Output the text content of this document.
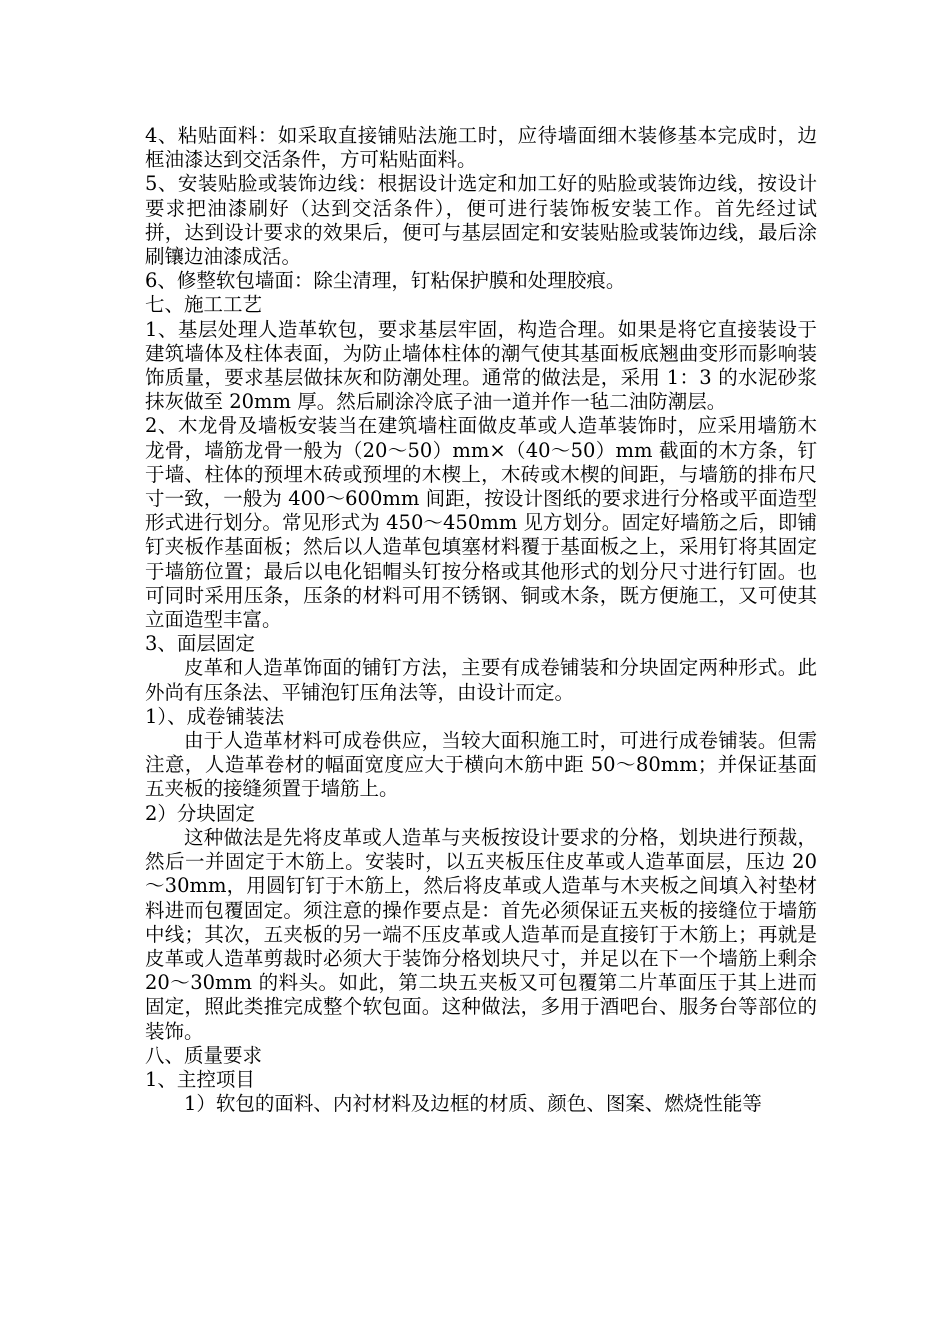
4、粘贴面料：如采取直接铺贴法施工时，应待墙面细木装修基本完成时，边框油漆达到交活条件，方可粘贴面料。

5、安装贴脸或装饰边线：根据设计选定和加工好的贴脸或装饰边线，按设计要求把油漆刷好（达到交活条件），便可进行装饰板安装工作。首先经过试拼，达到设计要求的效果后，便可与基层固定和安装贴脸或装饰边线，最后涂刷镶边油漆成活。

6、修整软包墙面：除尘清理，钉粘保护膜和处理胶痕。

七、施工工艺

1、基层处理人造革软包，要求基层牢固，构造合理。如果是将它直接装设于建筑墙体及柱体表面，为防止墙体柱体的潮气使其基面板底翘曲变形而影响装饰质量，要求基层做抹灰和防潮处理。通常的做法是，采用 1：3 的水泥砂浆抹灰做至 20mm 厚。然后刷涂冷底子油一道并作一毡二油防潮层。

2、木龙骨及墙板安装当在建筑墙柱面做皮革或人造革装饰时，应采用墙筋木龙骨，墙筋龙骨一般为（20～50）mm×（40～50）mm 截面的木方条，钉于墙、柱体的预埋木砖或预埋的木楔上，木砖或木楔的间距，与墙筋的排布尺寸一致，一般为 400～600mm 间距，按设计图纸的要求进行分格或平面造型形式进行划分。常见形式为 450～450mm 见方划分。固定好墙筋之后，即铺钉夹板作基面板；然后以人造革包填塞材料覆于基面板之上，采用钉将其固定于墙筋位置；最后以电化铝帽头钉按分格或其他形式的划分尺寸进行钉固。也可同时采用压条，压条的材料可用不锈钢、铜或木条，既方便施工，又可使其立面造型丰富。

3、面层固定

皮革和人造革饰面的铺钉方法，主要有成卷铺装和分块固定两种形式。此外尚有压条法、平铺泡钉压角法等，由设计而定。

1）、成卷铺装法

由于人造革材料可成卷供应，当较大面积施工时，可进行成卷铺装。但需注意，人造革卷材的幅面宽度应大于横向木筋中距 50～80mm；并保证基面五夹板的接缝须置于墙筋上。

2）分块固定

这种做法是先将皮革或人造革与夹板按设计要求的分格，划块进行预裁，然后一并固定于木筋上。安装时，以五夹板压住皮革或人造革面层，压边 20～30mm，用圆钉钉于木筋上，然后将皮革或人造革与木夹板之间填入衬垫材料进而包覆固定。须注意的操作要点是：首先必须保证五夹板的接缝位于墙筋中线；其次，五夹板的另一端不压皮革或人造革而是直接钉于木筋上；再就是皮革或人造革剪裁时必须大于装饰分格划块尺寸，并足以在下一个墙筋上剩余 20～30mm 的料头。如此，第二块五夹板又可包覆第二片革面压于其上进而固定，照此类推完成整个软包面。这种做法，多用于酒吧台、服务台等部位的装饰。

八、质量要求

1、主控项目

1）软包的面料、内衬材料及边框的材质、颜色、图案、燃烧性能等
